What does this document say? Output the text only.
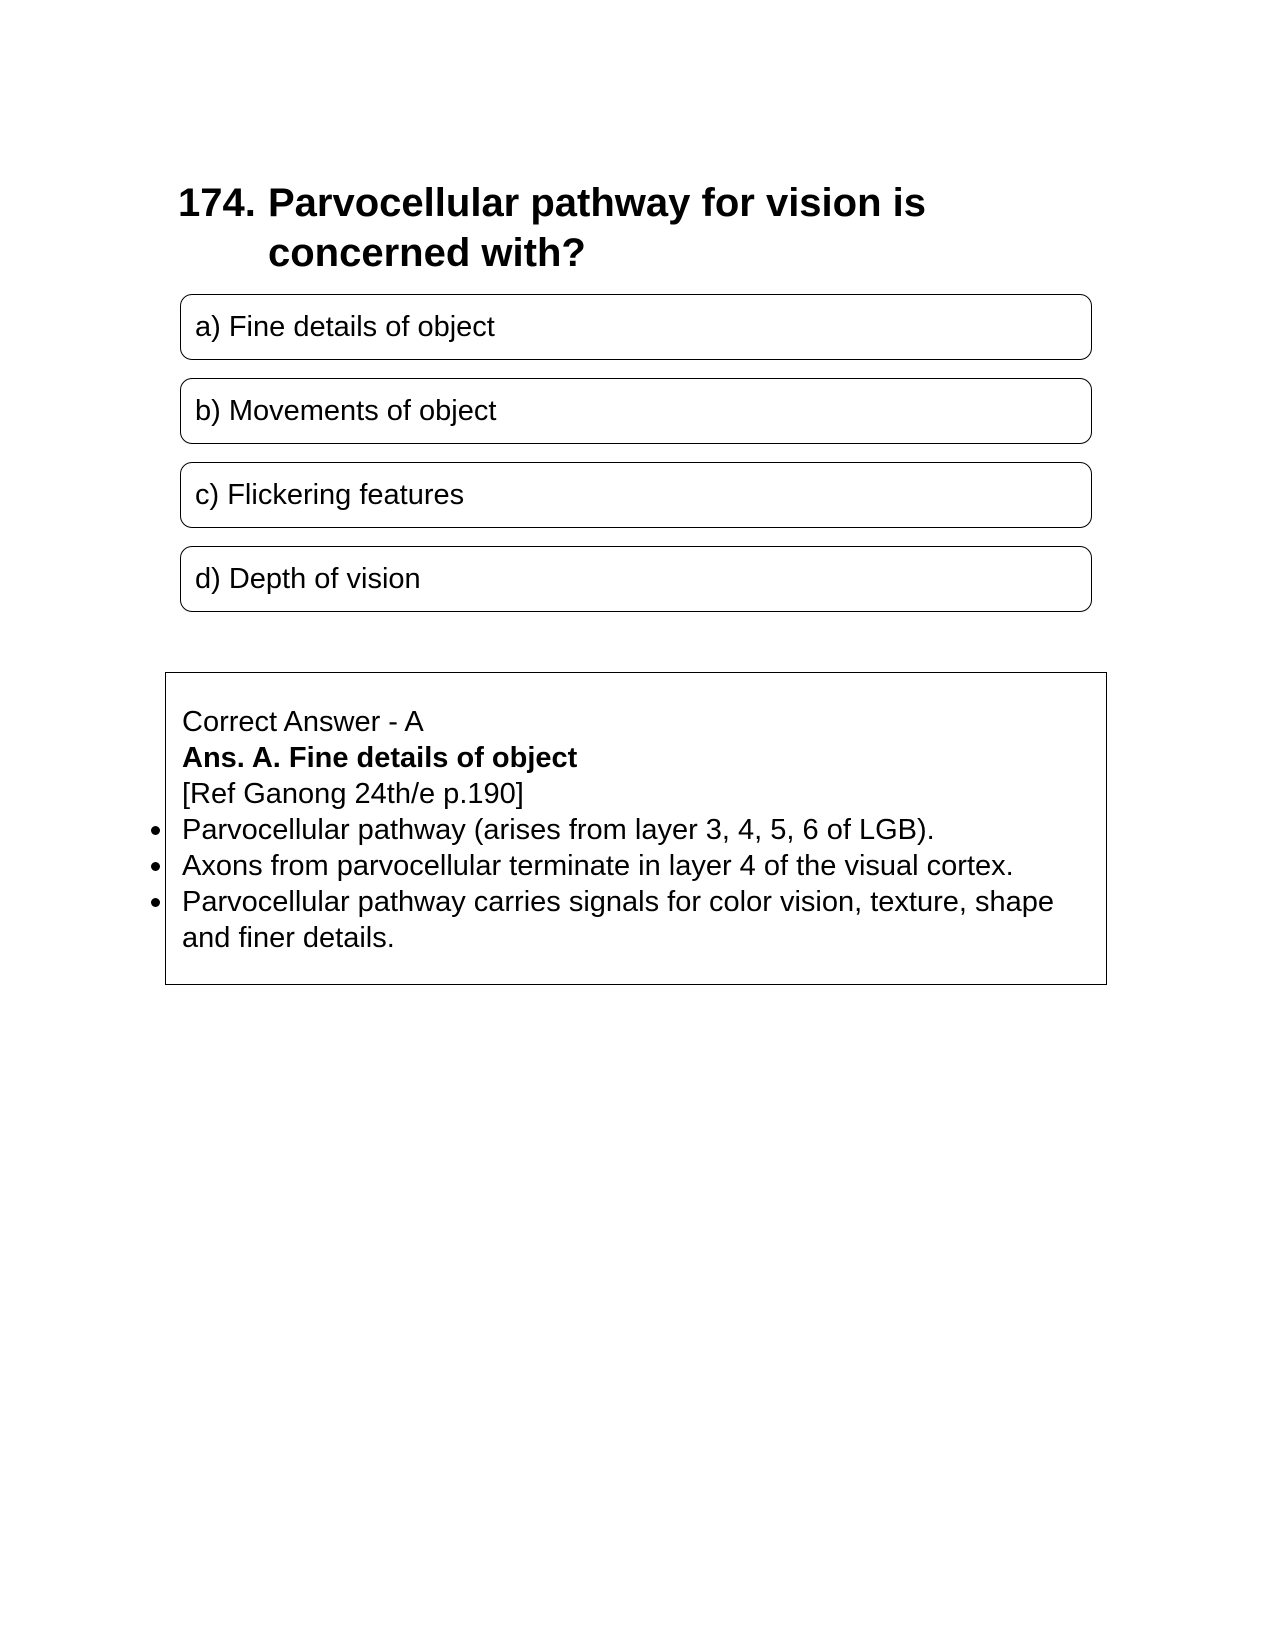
174. Parvocellular pathway for vision is concerned with?
a) Fine details of object
b) Movements of object
c) Flickering features
d) Depth of vision
Correct Answer - A
Ans. A. Fine details of object
[Ref Ganong 24th/e p.190]
Parvocellular pathway (arises from layer 3, 4, 5, 6 of LGB).
Axons from parvocellular terminate in layer 4 of the visual cortex.
Parvocellular pathway carries signals for color vision, texture, shape and finer details.
